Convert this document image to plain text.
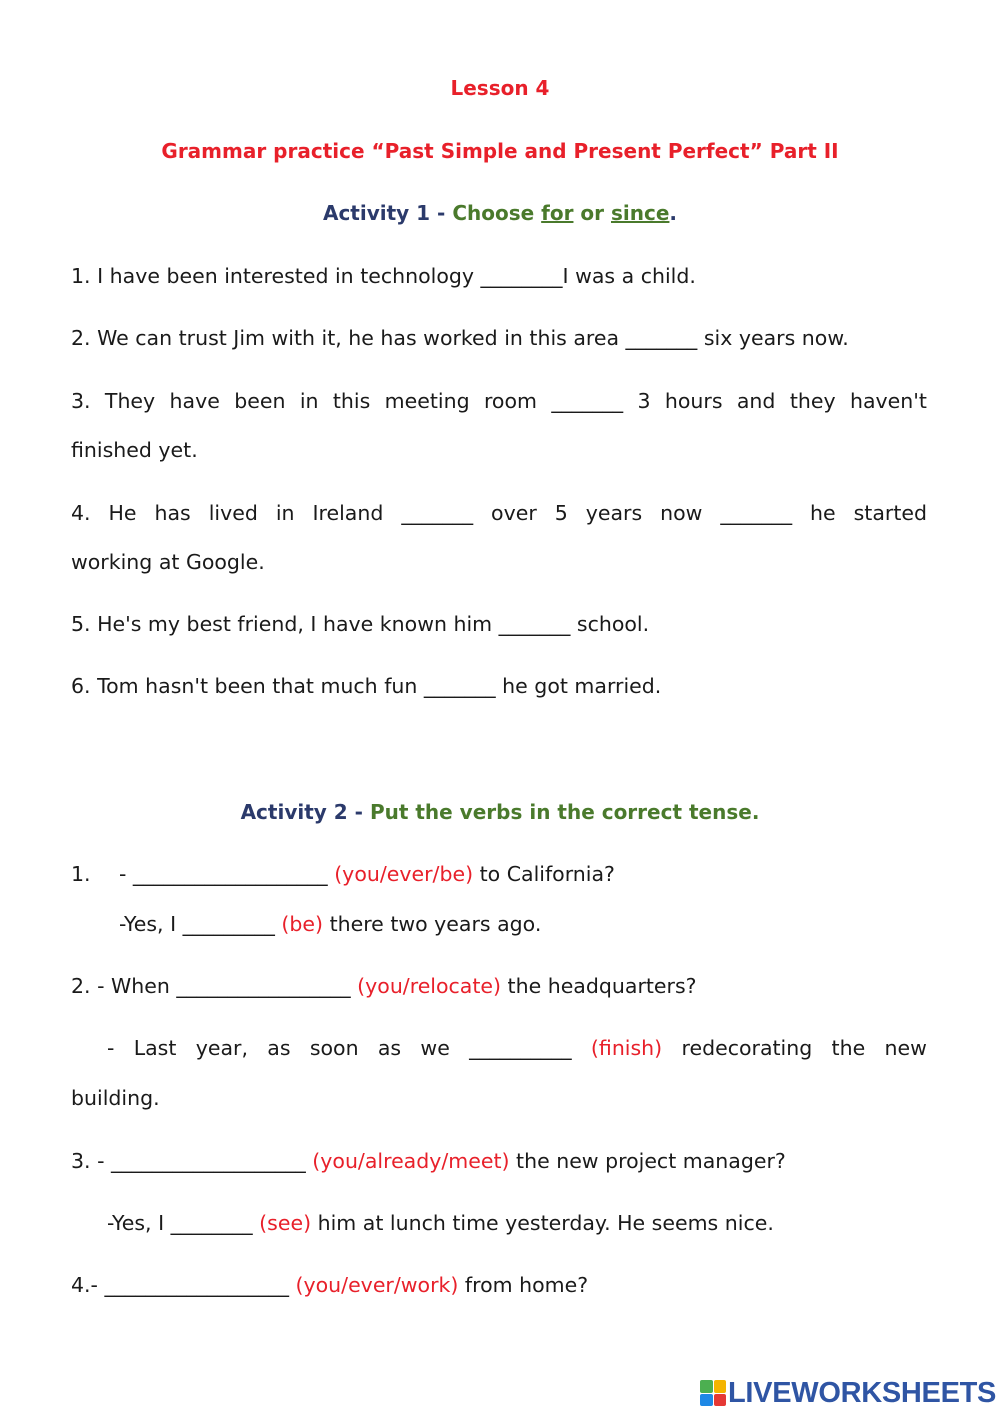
Lesson 4
Grammar practice “Past Simple and Present Perfect” Part II
Activity 1 - Choose for or since.
1. I have been interested in technology ________I was a child.
2. We can trust Jim with it, he has worked in this area _______ six years now.
3. They have been in this meeting room _______ 3 hours and they haven't
finished yet.
4. He has lived in Ireland _______ over 5 years now _______ he started
working at Google.
5. He's my best friend, I have known him _______ school.
6. Tom hasn't been that much fun _______ he got married.
Activity 2 - Put the verbs in the correct tense.
1. - ___________________ (you/ever/be) to California?
-Yes, I _________ (be) there two years ago.
2. - When _________________ (you/relocate) the headquarters?
- Last year, as soon as we __________ (finish) redecorating the new
building.
3. - ___________________ (you/already/meet) the new project manager?
-Yes, I ________ (see) him at lunch time yesterday. He seems nice.
4.- __________________ (you/ever/work) from home?
LIVEWORKSHEETS
